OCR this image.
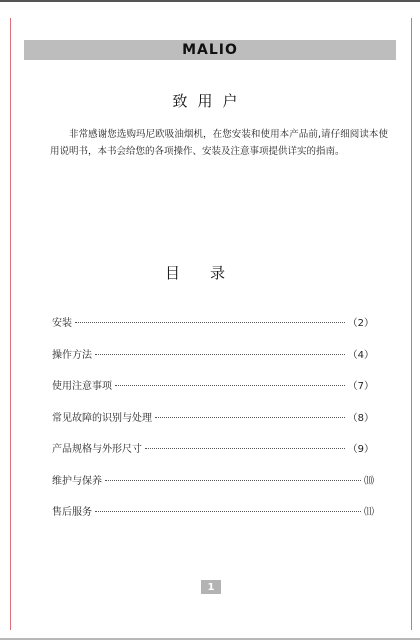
MALIO
致用户

非常感谢您选购玛尼欧吸油烟机，在您安装和使用本产品前,请仔细阅读本使用说明书，本书会给您的各项操作、安装及注意事项提供详实的指南。

目录
安装	（2）
操作方法	（4）
使用注意事项	（7）
常见故障的识别与处理	（8）
产品规格与外形尺寸	（9）
维护与保养	⑽
售后服务	⑾
1
